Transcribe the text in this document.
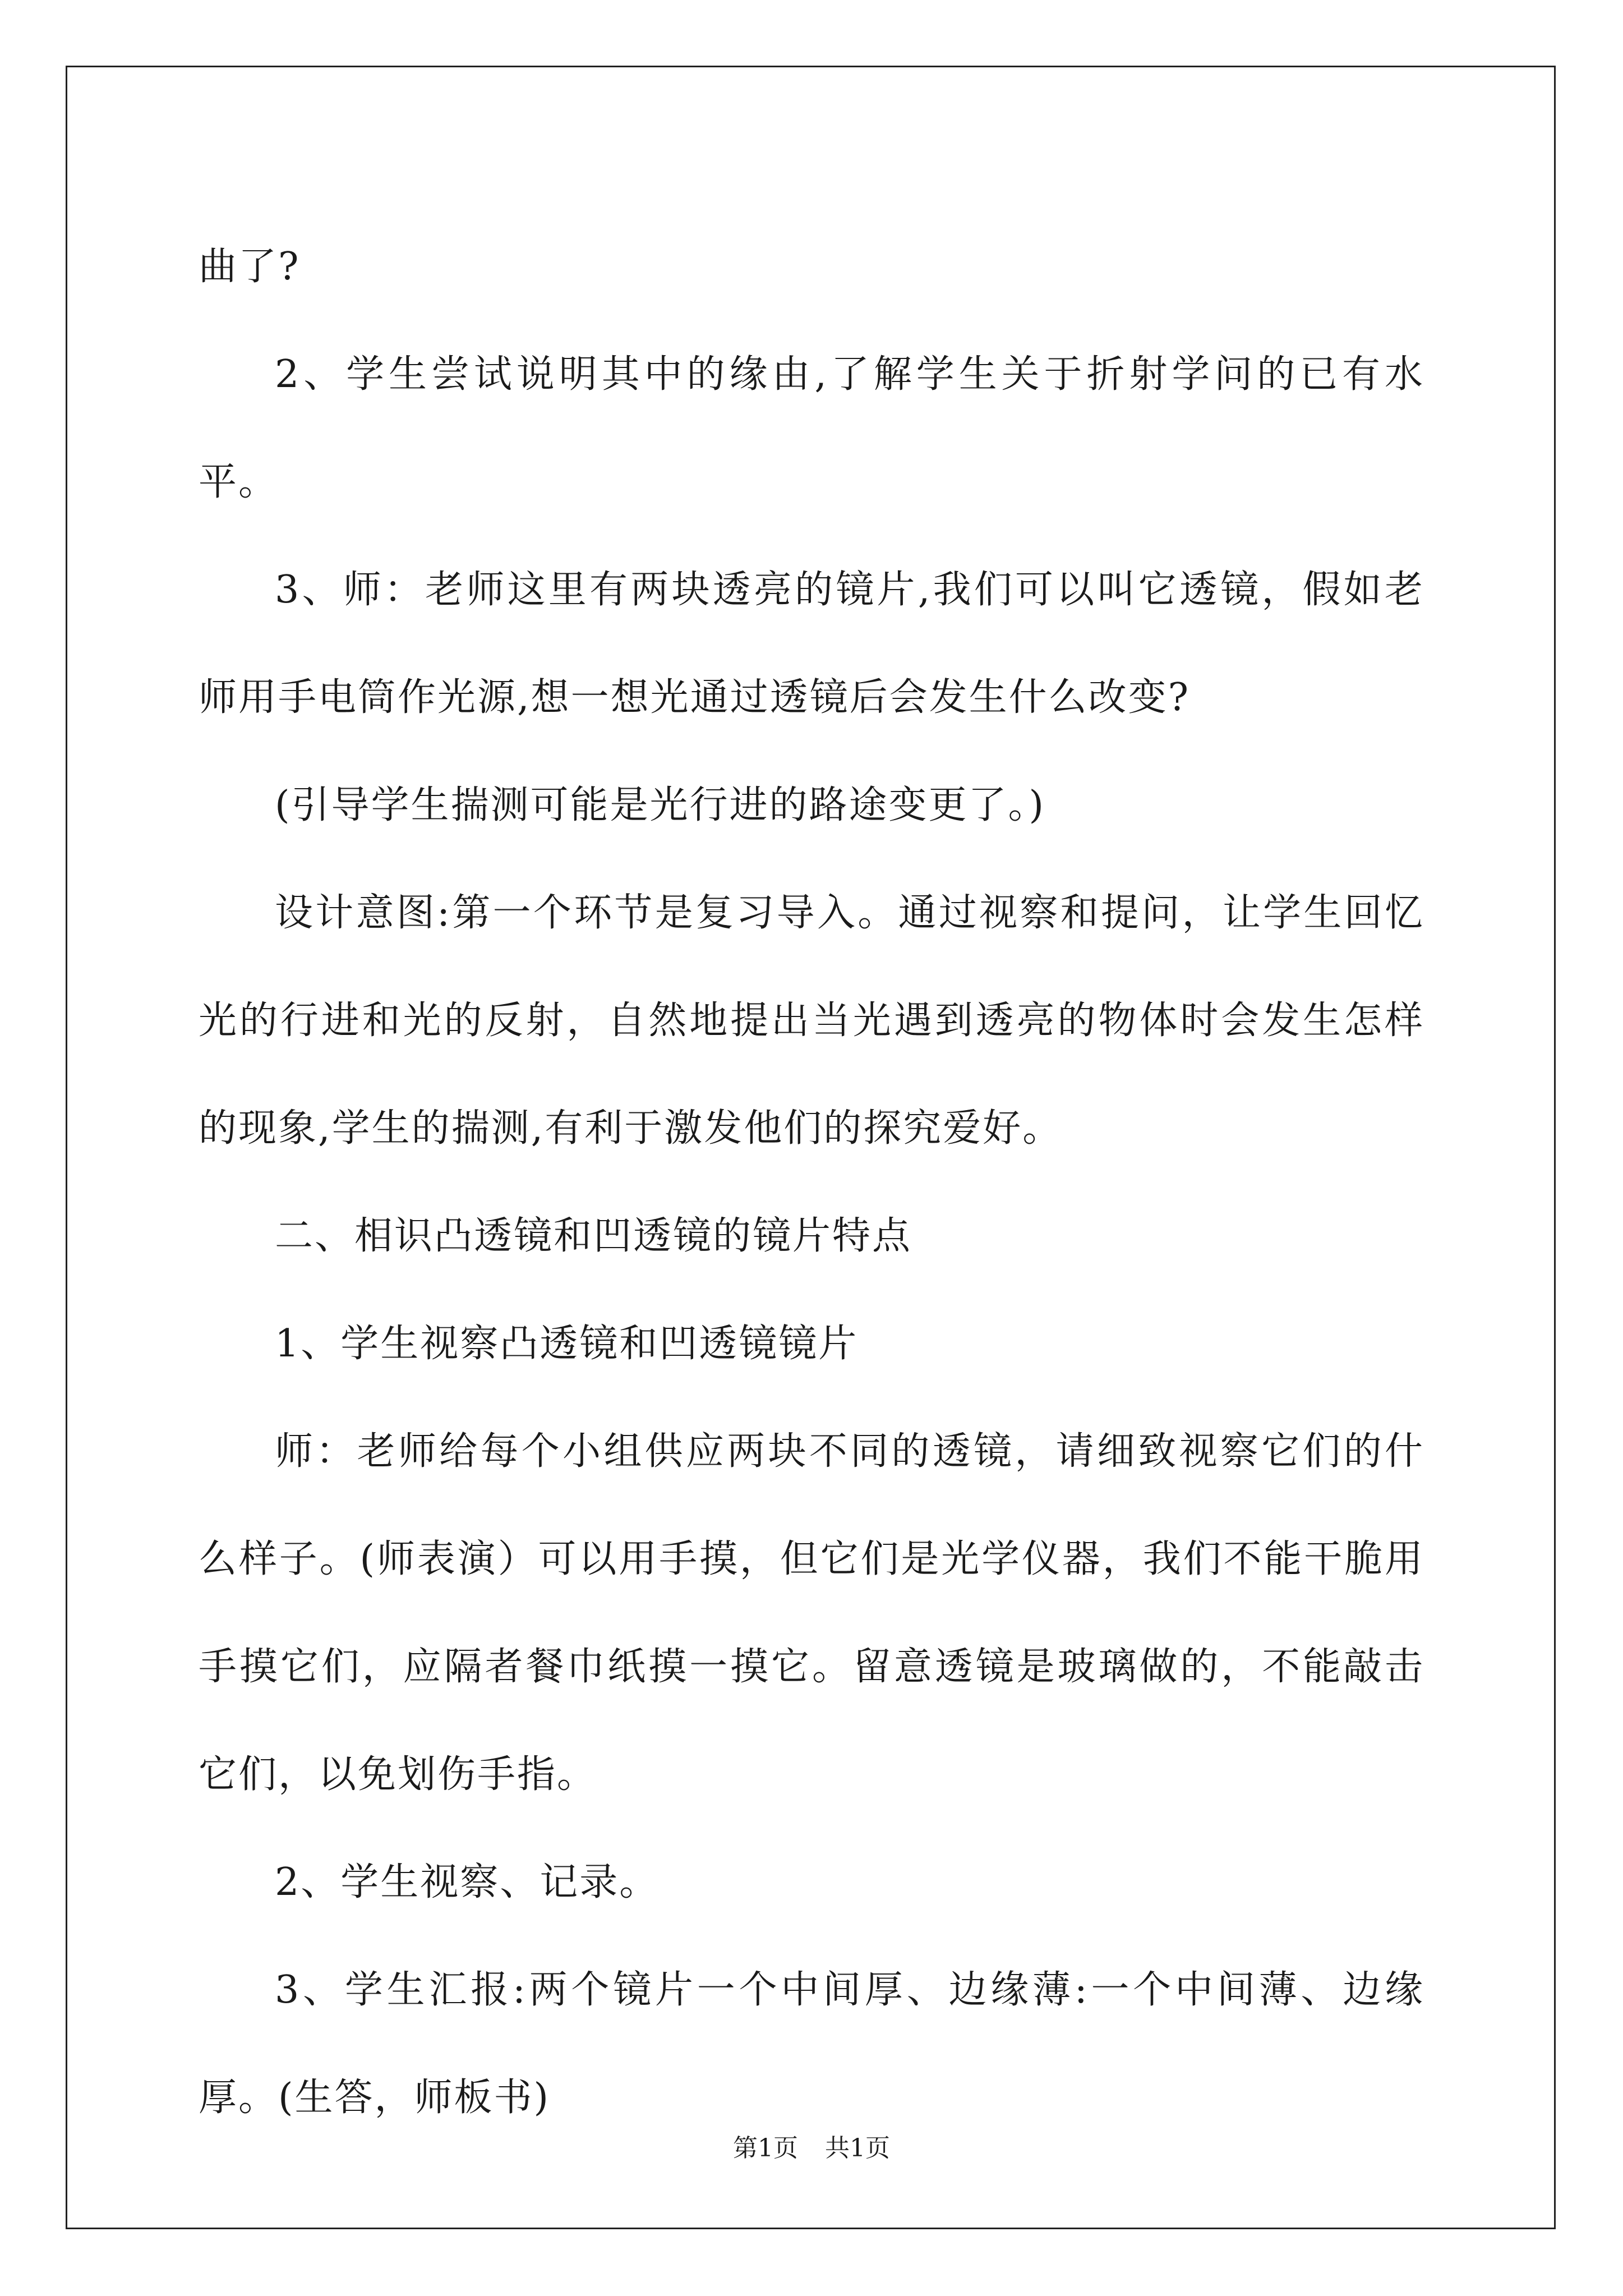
曲了?

2、学生尝试说明其中的缘由,了解学生关于折射学问的已有水平。

3、师：老师这里有两块透亮的镜片,我们可以叫它透镜，假如老师用手电筒作光源,想一想光通过透镜后会发生什么改变?

(引导学生揣测可能是光行进的路途变更了。)

设计意图:第一个环节是复习导入。通过视察和提问，让学生回忆光的行进和光的反射，自然地提出当光遇到透亮的物体时会发生怎样的现象,学生的揣测,有利于激发他们的探究爱好。

二、相识凸透镜和凹透镜的镜片特点

1、学生视察凸透镜和凹透镜镜片

师：老师给每个小组供应两块不同的透镜，请细致视察它们的什么样子。(师表演）可以用手摸，但它们是光学仪器，我们不能干脆用手摸它们，应隔者餐巾纸摸一摸它。留意透镜是玻璃做的，不能敲击它们，以免划伤手指。

2、学生视察、记录。

3、学生汇报:两个镜片一个中间厚、边缘薄:一个中间薄、边缘厚。(生答，师板书)

第1页 共1页
